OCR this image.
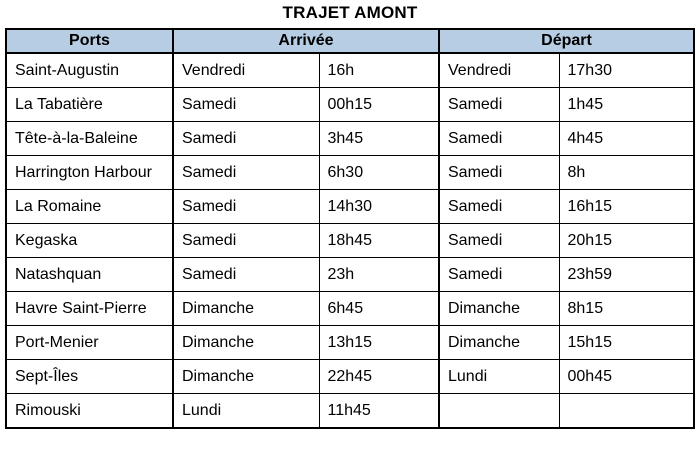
TRAJET AMONT
Ports	Arrivée		Départ	
Saint-Augustin	Vendredi	16h	Vendredi	17h30
La Tabatière	Samedi	00h15	Samedi	1h45
Tête-à-la-Baleine	Samedi	3h45	Samedi	4h45
Harrington Harbour	Samedi	6h30	Samedi	8h
La Romaine	Samedi	14h30	Samedi	16h15
Kegaska	Samedi	18h45	Samedi	20h15
Natashquan	Samedi	23h	Samedi	23h59
Havre Saint-Pierre	Dimanche	6h45	Dimanche	8h15
Port-Menier	Dimanche	13h15	Dimanche	15h15
Sept-Îles	Dimanche	22h45	Lundi	00h45
Rimouski	Lundi	11h45		
